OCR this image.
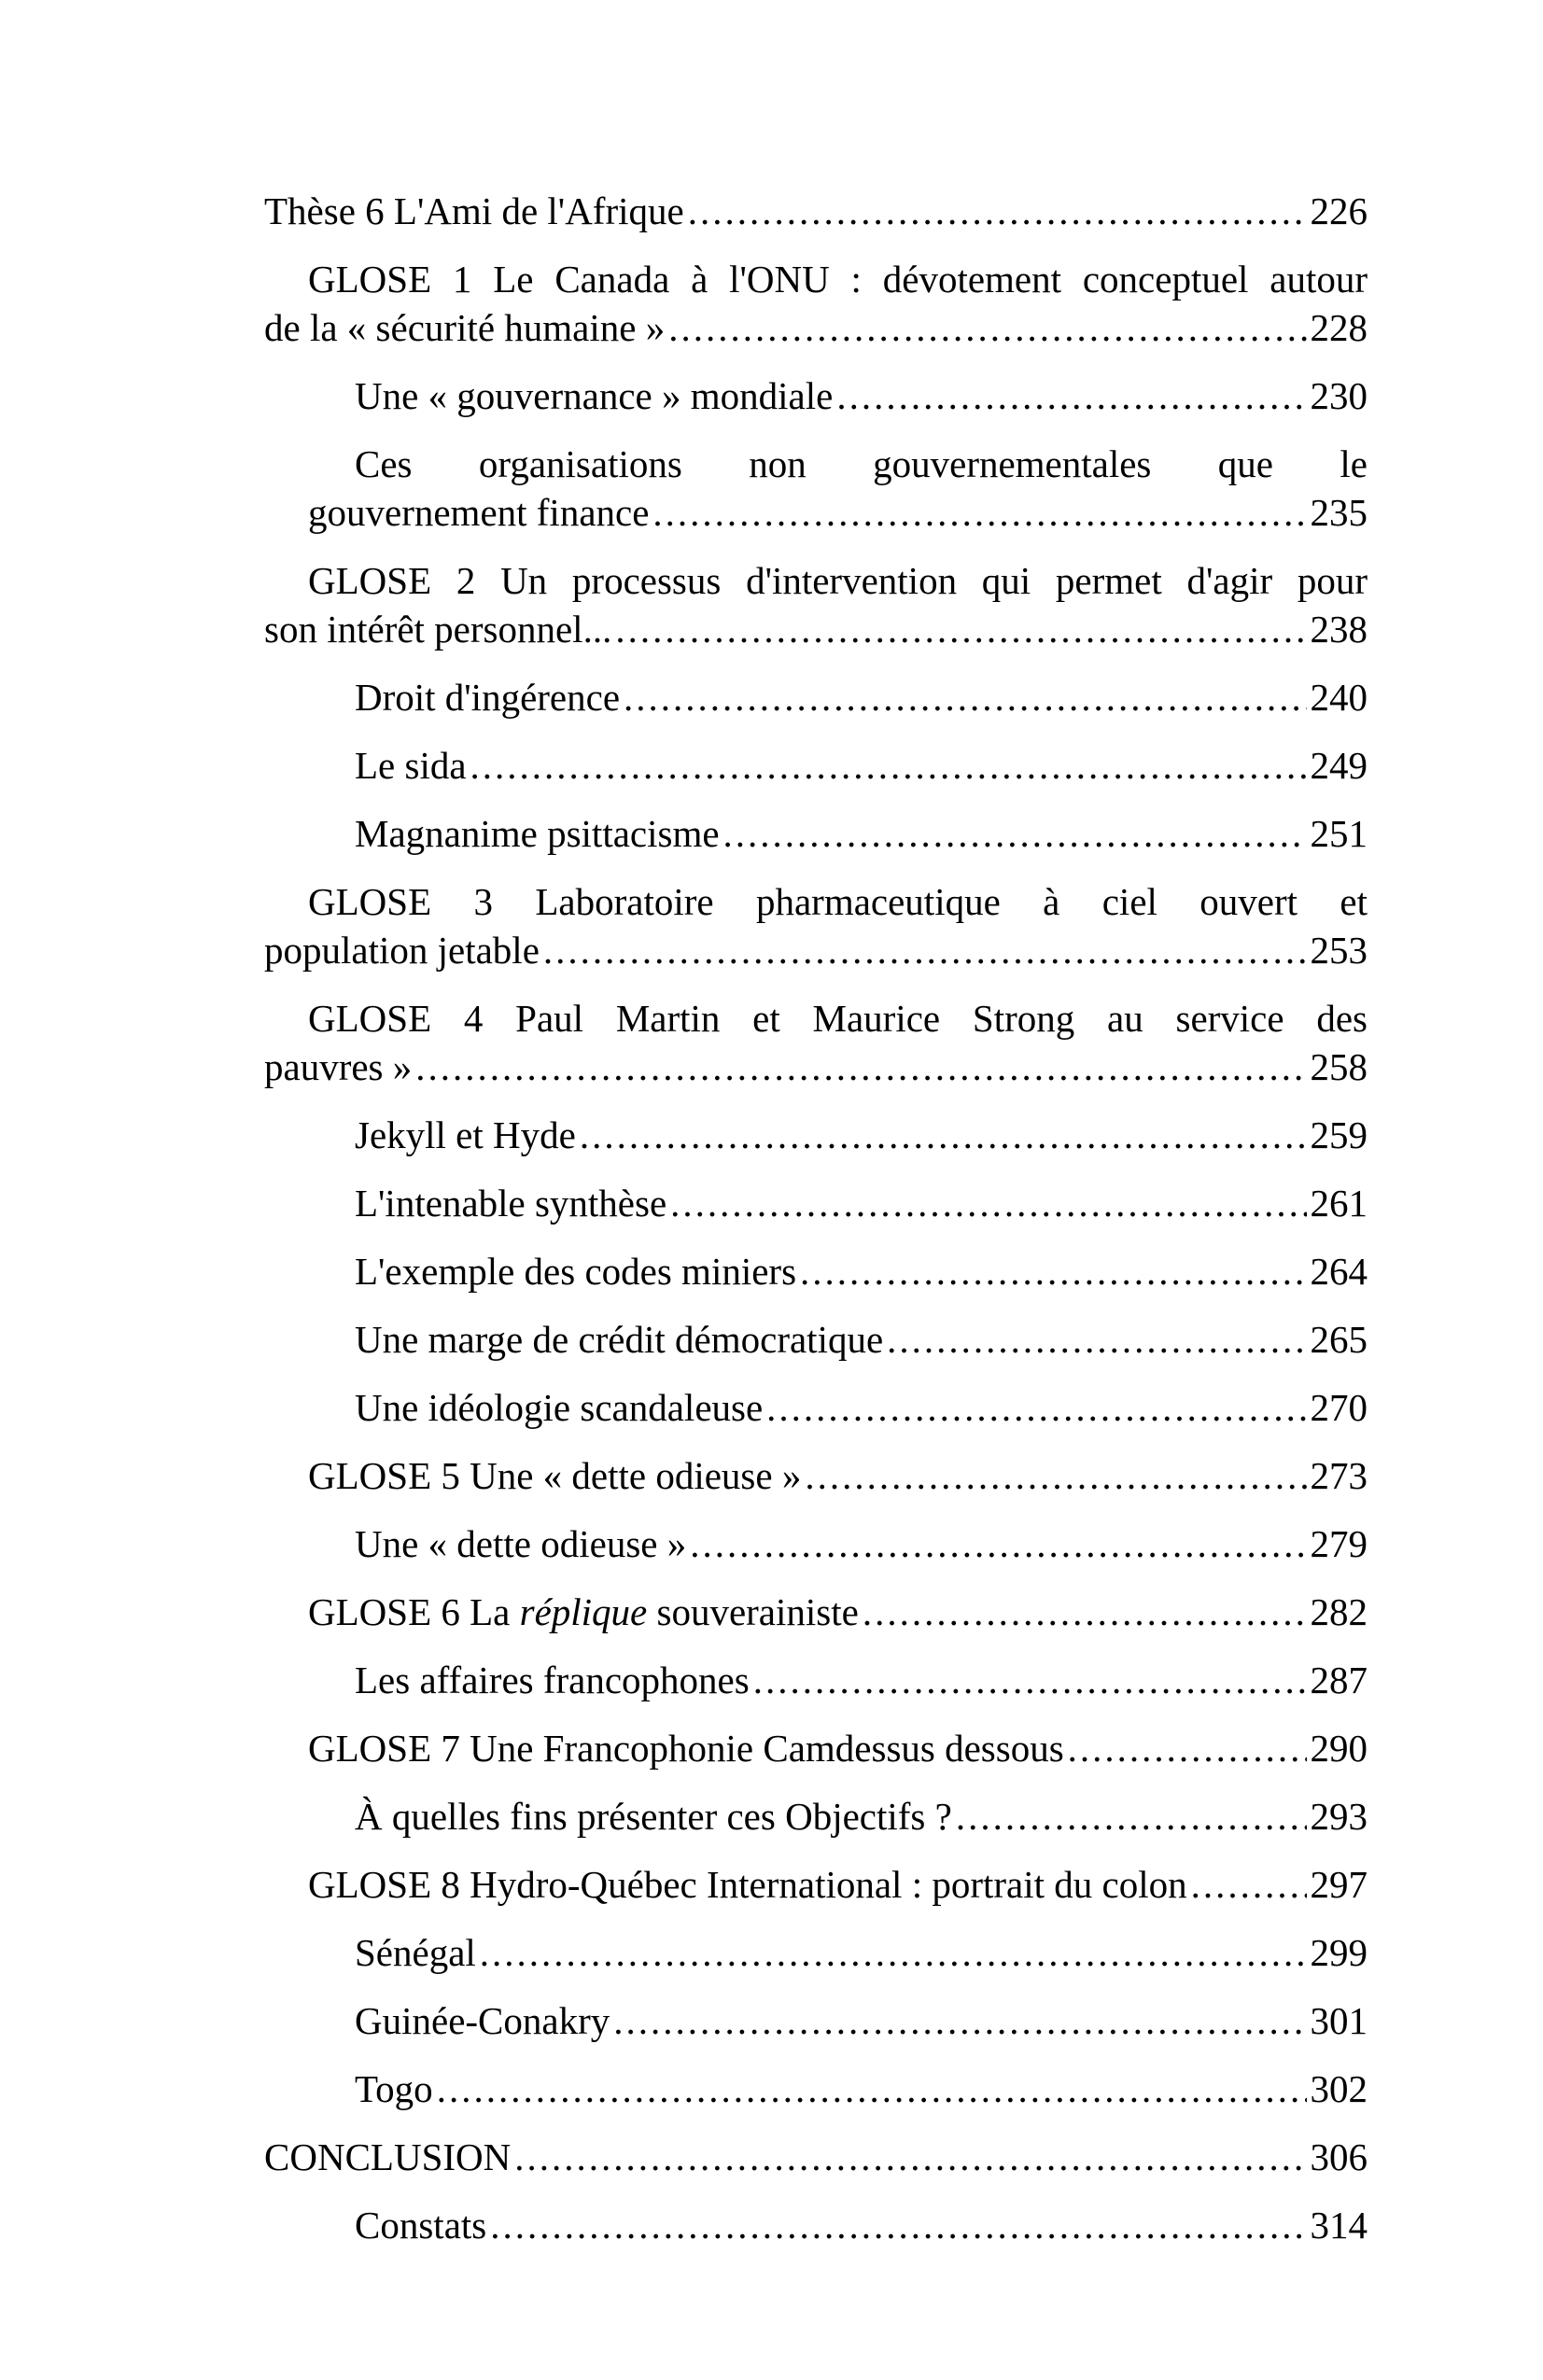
Thèse 6 L'Ami de l'Afrique .....	226
GLOSE 1 Le Canada à l'ONU : dévotement conceptuel autour
de la « sécurité humaine » .....	228
Une « gouvernance » mondiale .....	230
Ces organisations non gouvernementales que le
gouvernement finance .....	235
GLOSE 2 Un processus d'intervention qui permet d'agir pour
son intérêt personnel... .....	238
Droit d'ingérence .....	240
Le sida .....	249
Magnanime psittacisme .....	251
GLOSE 3 Laboratoire pharmaceutique à ciel ouvert et
population jetable .....	253
GLOSE 4 Paul Martin et Maurice Strong au service des
pauvres » .....	258
Jekyll et Hyde .....	259
L'intenable synthèse .....	261
L'exemple des codes miniers .....	264
Une marge de crédit démocratique .....	265
Une idéologie scandaleuse .....	270
GLOSE 5 Une « dette odieuse » .....	273
Une « dette odieuse » .....	279
GLOSE 6 La réplique souverainiste .....	282
Les affaires francophones .....	287
GLOSE 7 Une Francophonie Camdessus dessous .....	290
À quelles fins présenter ces Objectifs ? .....	293
GLOSE 8 Hydro-Québec International : portrait du colon .....	297
Sénégal .....	299
Guinée-Conakry .....	301
Togo .....	302
CONCLUSION .....	306
Constats .....	314
